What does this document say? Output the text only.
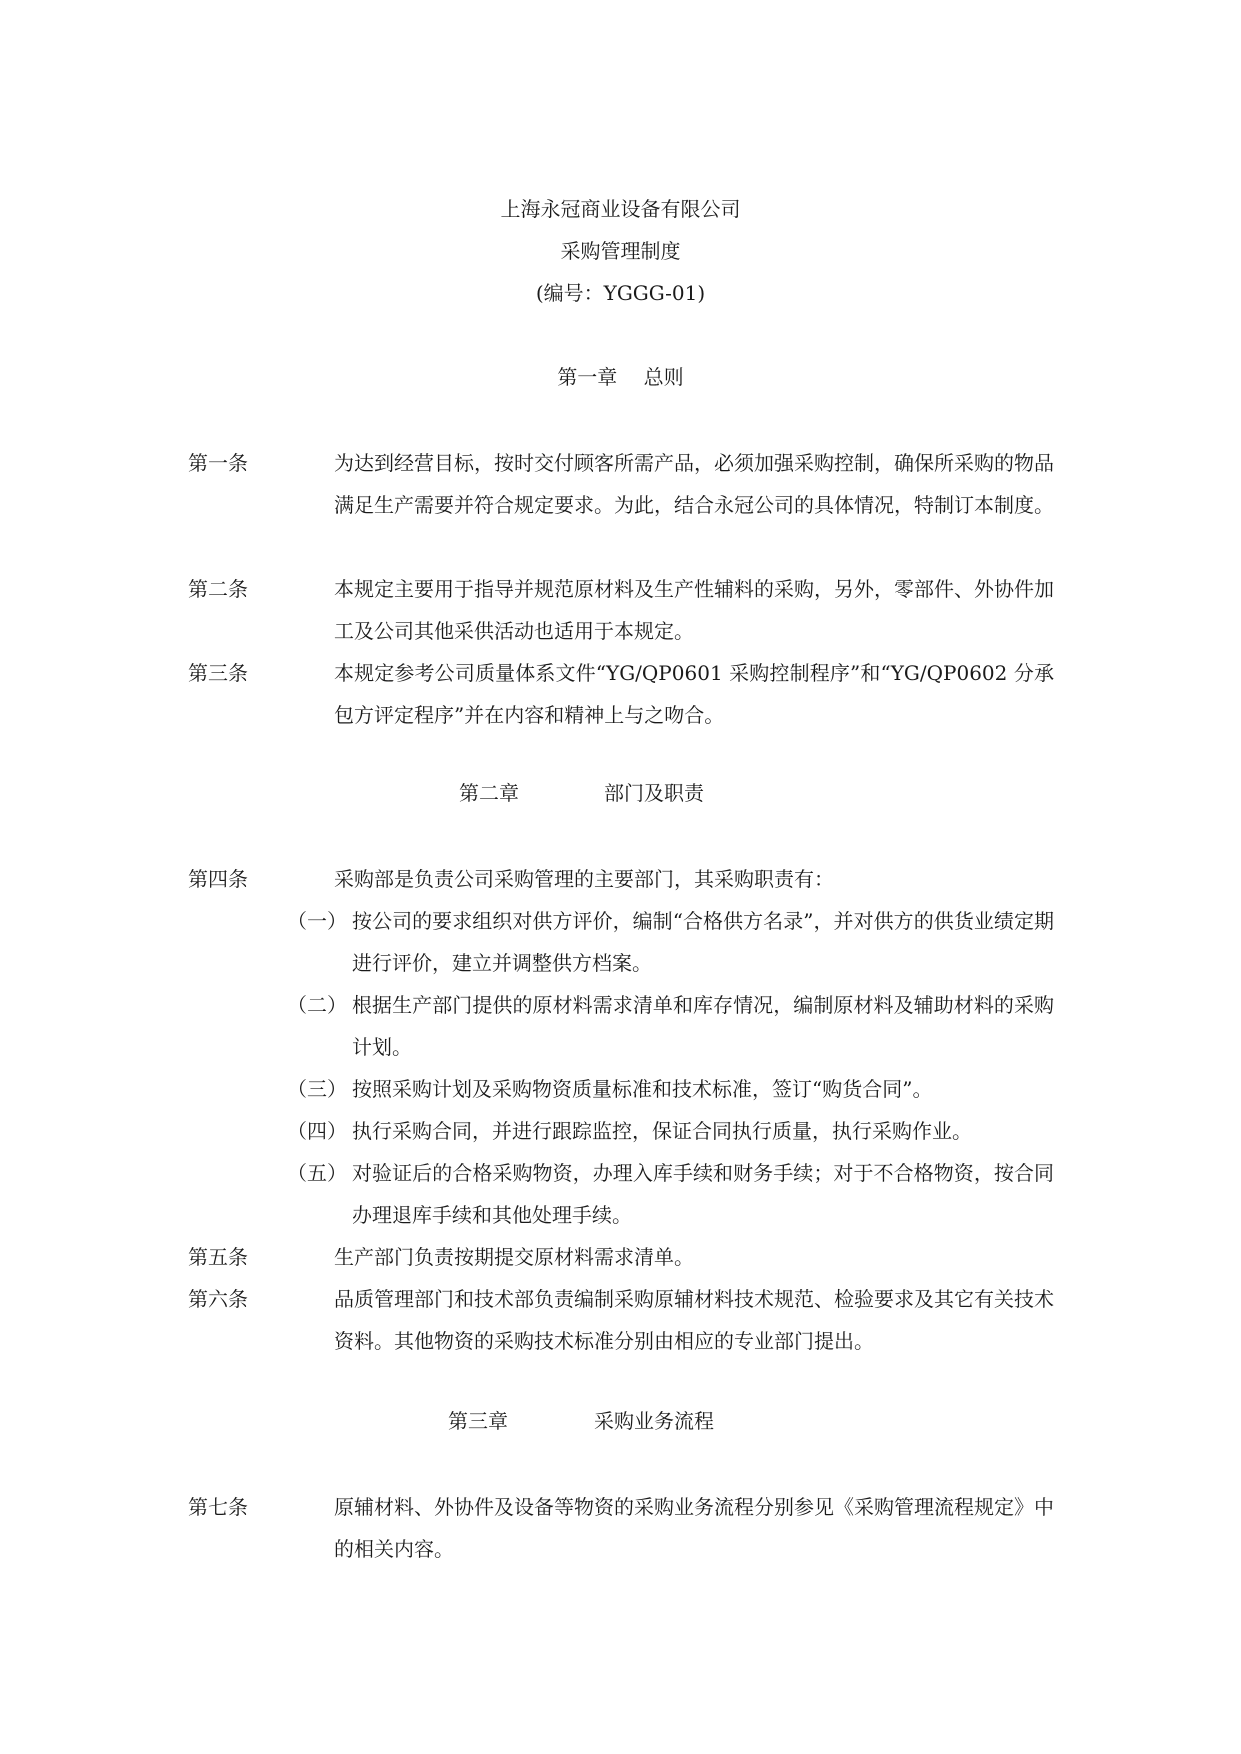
上海永冠商业设备有限公司
采购管理制度
(编号：YGGG-01)
第一章　 总则
第一条	为达到经营目标，按时交付顾客所需产品，必须加强采购控制，确保所采购的物品满足生产需要并符合规定要求。为此，结合永冠公司的具体情况，特制订本制度。
第二条	本规定主要用于指导并规范原材料及生产性辅料的采购，另外，零部件、外协件加工及公司其他采供活动也适用于本规定。
第三条	本规定参考公司质量体系文件“YG/QP0601 采购控制程序”和“YG/QP0602 分承包方评定程序”并在内容和精神上与之吻合。
第二章	部门及职责
第四条	采购部是负责公司采购管理的主要部门，其采购职责有：
（一） 按公司的要求组织对供方评价，编制“合格供方名录”，并对供方的供货业绩定期进行评价，建立并调整供方档案。
（二） 根据生产部门提供的原材料需求清单和库存情况，编制原材料及辅助材料的采购计划。
（三） 按照采购计划及采购物资质量标准和技术标准，签订“购货合同”。
（四） 执行采购合同，并进行跟踪监控，保证合同执行质量，执行采购作业。
（五） 对验证后的合格采购物资，办理入库手续和财务手续；对于不合格物资，按合同办理退库手续和其他处理手续。
第五条	生产部门负责按期提交原材料需求清单。
第六条	品质管理部门和技术部负责编制采购原辅材料技术规范、检验要求及其它有关技术资料。其他物资的采购技术标准分别由相应的专业部门提出。
第三章	采购业务流程
第七条	原辅材料、外协件及设备等物资的采购业务流程分别参见《采购管理流程规定》中的相关内容。
